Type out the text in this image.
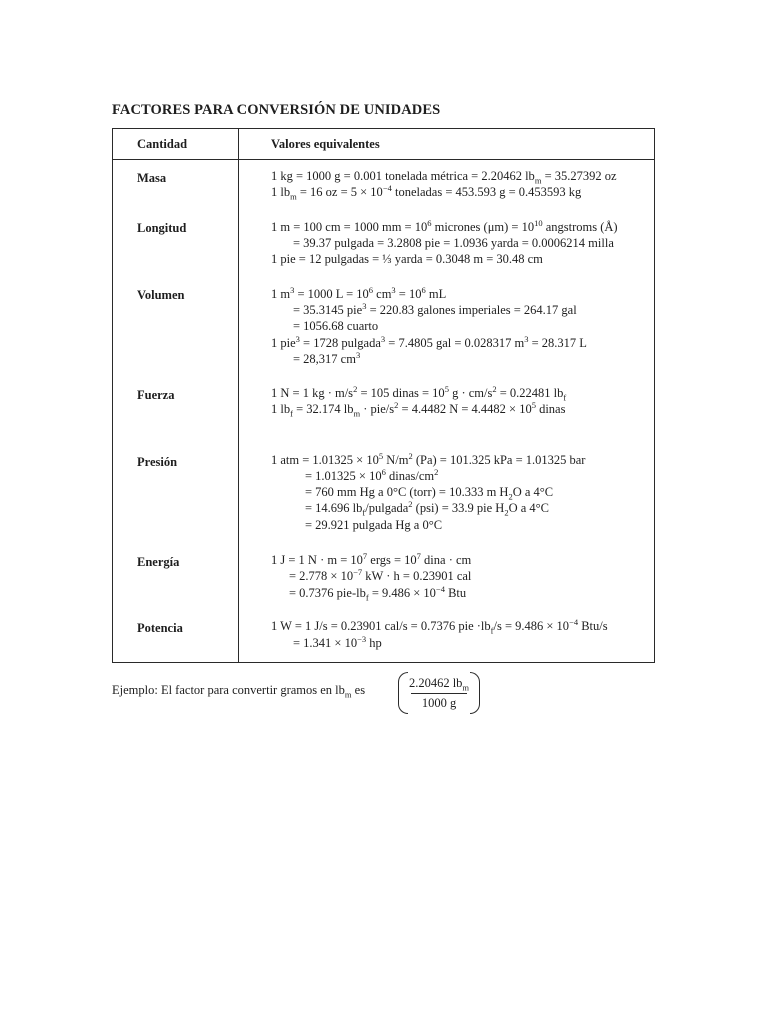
FACTORES PARA CONVERSIÓN DE UNIDADES
Cantidad	Valores equivalentes
Masa	1 kg = 1000 g = 0.001 tonelada métrica = 2.20462 $lb_m = 35.27392$ oz
1 $lb_m = 16$ oz = $5 \times 10^{-4}$ toneladas = 453.593 g = 0.453593 kg
Longitud	1 m = 100 cm = 1000 mm = $10^6$ micrones $(\mu m) = 10^{10}$ angstroms (Å)
= 39.37 pulgada = 3.2808 pie = 1.0936 yarda = 0.0006214 milla
1 pie = 12 pulgadas = ⅓ yarda = 0.3048 m = 30.48 cm
Volumen	1 $m^3 = 1000$ $L = 10^6$ $cm^3 = 10^6$ mL
= 35.3145 pie$^3$ = 220.83 galones imperiales = 264.17 gal
= 1056.68 cuarto
1 pie$^3$ = 1728 pulgada$^3$ = 7.4805 gal = 0.028317 $m^3 = 28.317$ L
= 28,317 $cm^3$
Fuerza	1 N = 1 kg · $m/s^2 = 105$ dinas = $10^5$ $g \cdot cm/s^2 = 0.22481$ $lb_f$
1 $lb_f = 32.174$ $lb_m \cdot pie/s^2 = 4.4482$ $N = 4.4482 \times 10^5$ dinas
Presión	1 atm = $1.01325 \times 10^5$ $N/m^2$ (Pa) = 101.325 kPa = 1.01325 bar
= $1.01325 \times 10^6$ dinas/$cm^2$
= 760 mm Hg a 0°C (torr) = 10.333 m $H_2O$ a 4°C
= 14.696 $lb_f/pulgada^2$ (psi) = 33.9 pie $H_2O$ a 4°C
= 29.921 pulgada Hg a 0°C
Energía	1 J = 1 $N \cdot m = 10^7$ ergs = $10^7$ dina · cm
= $2.778 \times 10^{-7}$ kW · h = 0.23901 cal
= 0.7376 pie-$lb_f = 9.486 \times 10^{-4}$ Btu
Potencia	1 W = 1 J/s = 0.23901 cal/s = 0.7376 pie $\cdot lb_f/s = 9.486 \times 10^{-4}$ Btu/s
= $1.341 \times 10^{-3}$ hp
Ejemplo: El factor para convertir gramos en $lb_m$ es	2.20462 $lb_m$
1000 g
